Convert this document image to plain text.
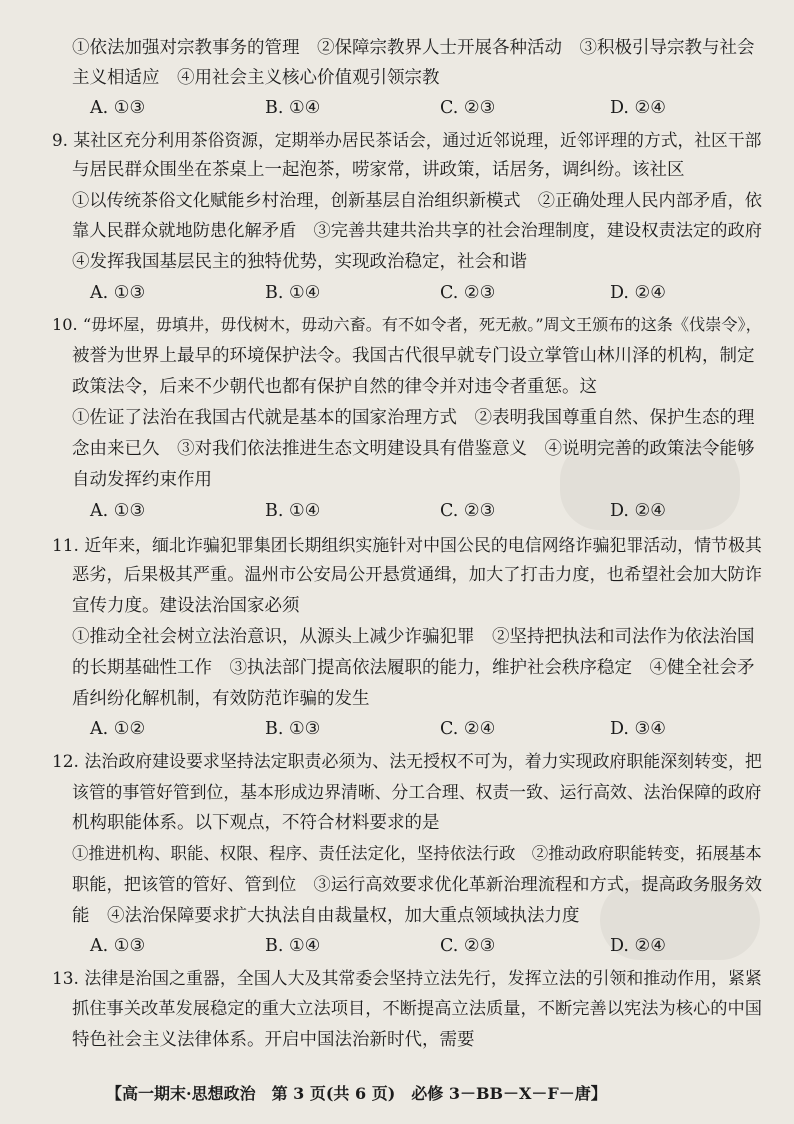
①依法加强对宗教事务的管理　②保障宗教界人士开展各种活动　③积极引导宗教与社会
主义相适应　④用社会主义核心价值观引领宗教
A. ①③	B. ①④	C. ②③	D. ②④
9. 某社区充分利用茶俗资源，定期举办居民茶话会，通过近邻说理，近邻评理的方式，社区干部
与居民群众围坐在茶桌上一起泡茶，唠家常，讲政策，话居务，调纠纷。该社区
①以传统茶俗文化赋能乡村治理，创新基层自治组织新模式　②正确处理人民内部矛盾，依
靠人民群众就地防患化解矛盾　③完善共建共治共享的社会治理制度，建设权责法定的政府
④发挥我国基层民主的独特优势，实现政治稳定，社会和谐
A. ①③	B. ①④	C. ②③	D. ②④
10. “毋坏屋，毋填井，毋伐树木，毋动六畜。有不如令者，死无赦。”周文王颁布的这条《伐崇令》，
被誉为世界上最早的环境保护法令。我国古代很早就专门设立掌管山林川泽的机构，制定
政策法令，后来不少朝代也都有保护自然的律令并对违令者重惩。这
①佐证了法治在我国古代就是基本的国家治理方式　②表明我国尊重自然、保护生态的理
念由来已久　③对我们依法推进生态文明建设具有借鉴意义　④说明完善的政策法令能够
自动发挥约束作用
A. ①③	B. ①④	C. ②③	D. ②④
11. 近年来，缅北诈骗犯罪集团长期组织实施针对中国公民的电信网络诈骗犯罪活动，情节极其
恶劣，后果极其严重。温州市公安局公开悬赏通缉，加大了打击力度，也希望社会加大防诈
宣传力度。建设法治国家必须
①推动全社会树立法治意识，从源头上减少诈骗犯罪　②坚持把执法和司法作为依法治国
的长期基础性工作　③执法部门提高依法履职的能力，维护社会秩序稳定　④健全社会矛
盾纠纷化解机制，有效防范诈骗的发生
A. ①②	B. ①③	C. ②④	D. ③④
12. 法治政府建设要求坚持法定职责必须为、法无授权不可为，着力实现政府职能深刻转变，把
该管的事管好管到位，基本形成边界清晰、分工合理、权责一致、运行高效、法治保障的政府
机构职能体系。以下观点，不符合材料要求的是
①推进机构、职能、权限、程序、责任法定化，坚持依法行政　②推动政府职能转变，拓展基本
职能，把该管的管好、管到位　③运行高效要求优化革新治理流程和方式，提高政务服务效
能　④法治保障要求扩大执法自由裁量权，加大重点领域执法力度
A. ①③	B. ①④	C. ②③	D. ②④
13. 法律是治国之重器，全国人大及其常委会坚持立法先行，发挥立法的引领和推动作用，紧紧
抓住事关改革发展稳定的重大立法项目，不断提高立法质量，不断完善以宪法为核心的中国
特色社会主义法律体系。开启中国法治新时代，需要
【高一期末·思想政治　第 3 页(共 6 页)　必修 3－BB－X－F－唐】
